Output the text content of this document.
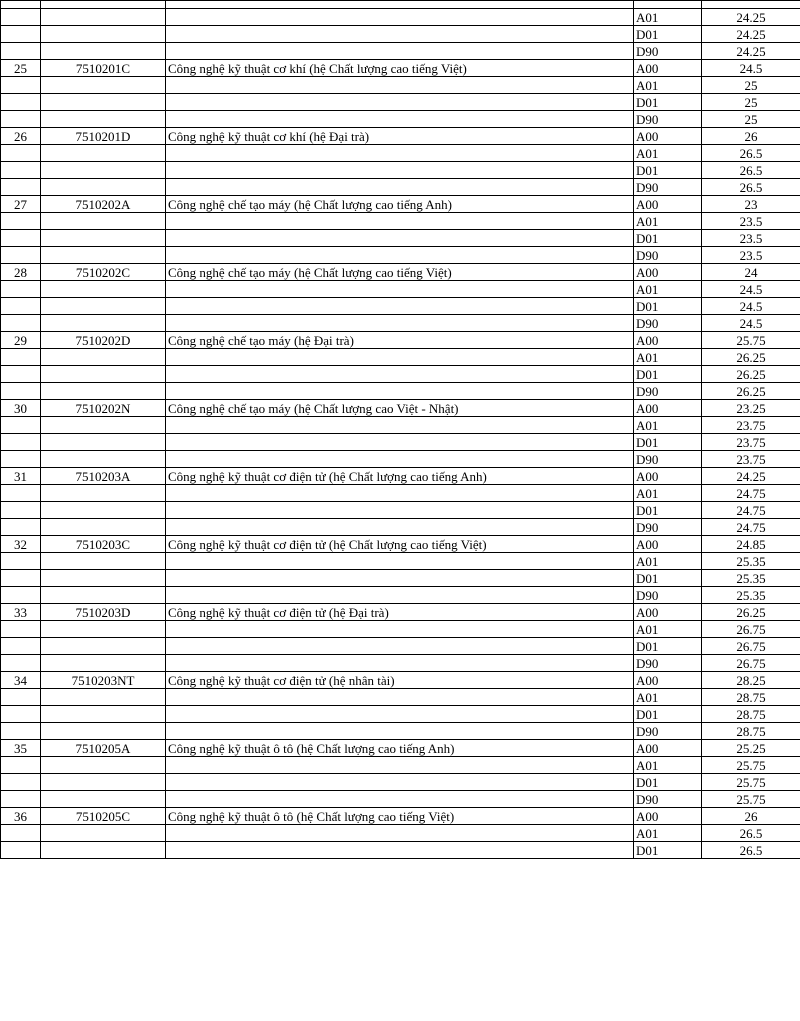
			A01	24.25
			D01	24.25
			D90	24.25
25	7510201C	Công nghệ kỹ thuật cơ khí (hệ Chất lượng cao tiếng Việt)	A00	24.5
			A01	25
			D01	25
			D90	25
26	7510201D	Công nghệ kỹ thuật cơ khí (hệ Đại trà)	A00	26
			A01	26.5
			D01	26.5
			D90	26.5
27	7510202A	Công nghệ chế tạo máy (hệ Chất lượng cao tiếng Anh)	A00	23
			A01	23.5
			D01	23.5
			D90	23.5
28	7510202C	Công nghệ chế tạo máy (hệ Chất lượng cao tiếng Việt)	A00	24
			A01	24.5
			D01	24.5
			D90	24.5
29	7510202D	Công nghệ chế tạo máy (hệ Đại trà)	A00	25.75
			A01	26.25
			D01	26.25
			D90	26.25
30	7510202N	Công nghệ chế tạo máy (hệ Chất lượng cao Việt - Nhật)	A00	23.25
			A01	23.75
			D01	23.75
			D90	23.75
31	7510203A	Công nghệ kỹ thuật cơ điện tử (hệ Chất lượng cao tiếng Anh)	A00	24.25
			A01	24.75
			D01	24.75
			D90	24.75
32	7510203C	Công nghệ kỹ thuật cơ điện tử (hệ Chất lượng cao tiếng Việt)	A00	24.85
			A01	25.35
			D01	25.35
			D90	25.35
33	7510203D	Công nghệ kỹ thuật cơ điện tử (hệ Đại trà)	A00	26.25
			A01	26.75
			D01	26.75
			D90	26.75
34	7510203NT	Công nghệ kỹ thuật cơ điện tử (hệ nhân tài)	A00	28.25
			A01	28.75
			D01	28.75
			D90	28.75
35	7510205A	Công nghệ kỹ thuật ô tô (hệ Chất lượng cao tiếng Anh)	A00	25.25
			A01	25.75
			D01	25.75
			D90	25.75
36	7510205C	Công nghệ kỹ thuật ô tô (hệ Chất lượng cao tiếng Việt)	A00	26
			A01	26.5
			D01	26.5
